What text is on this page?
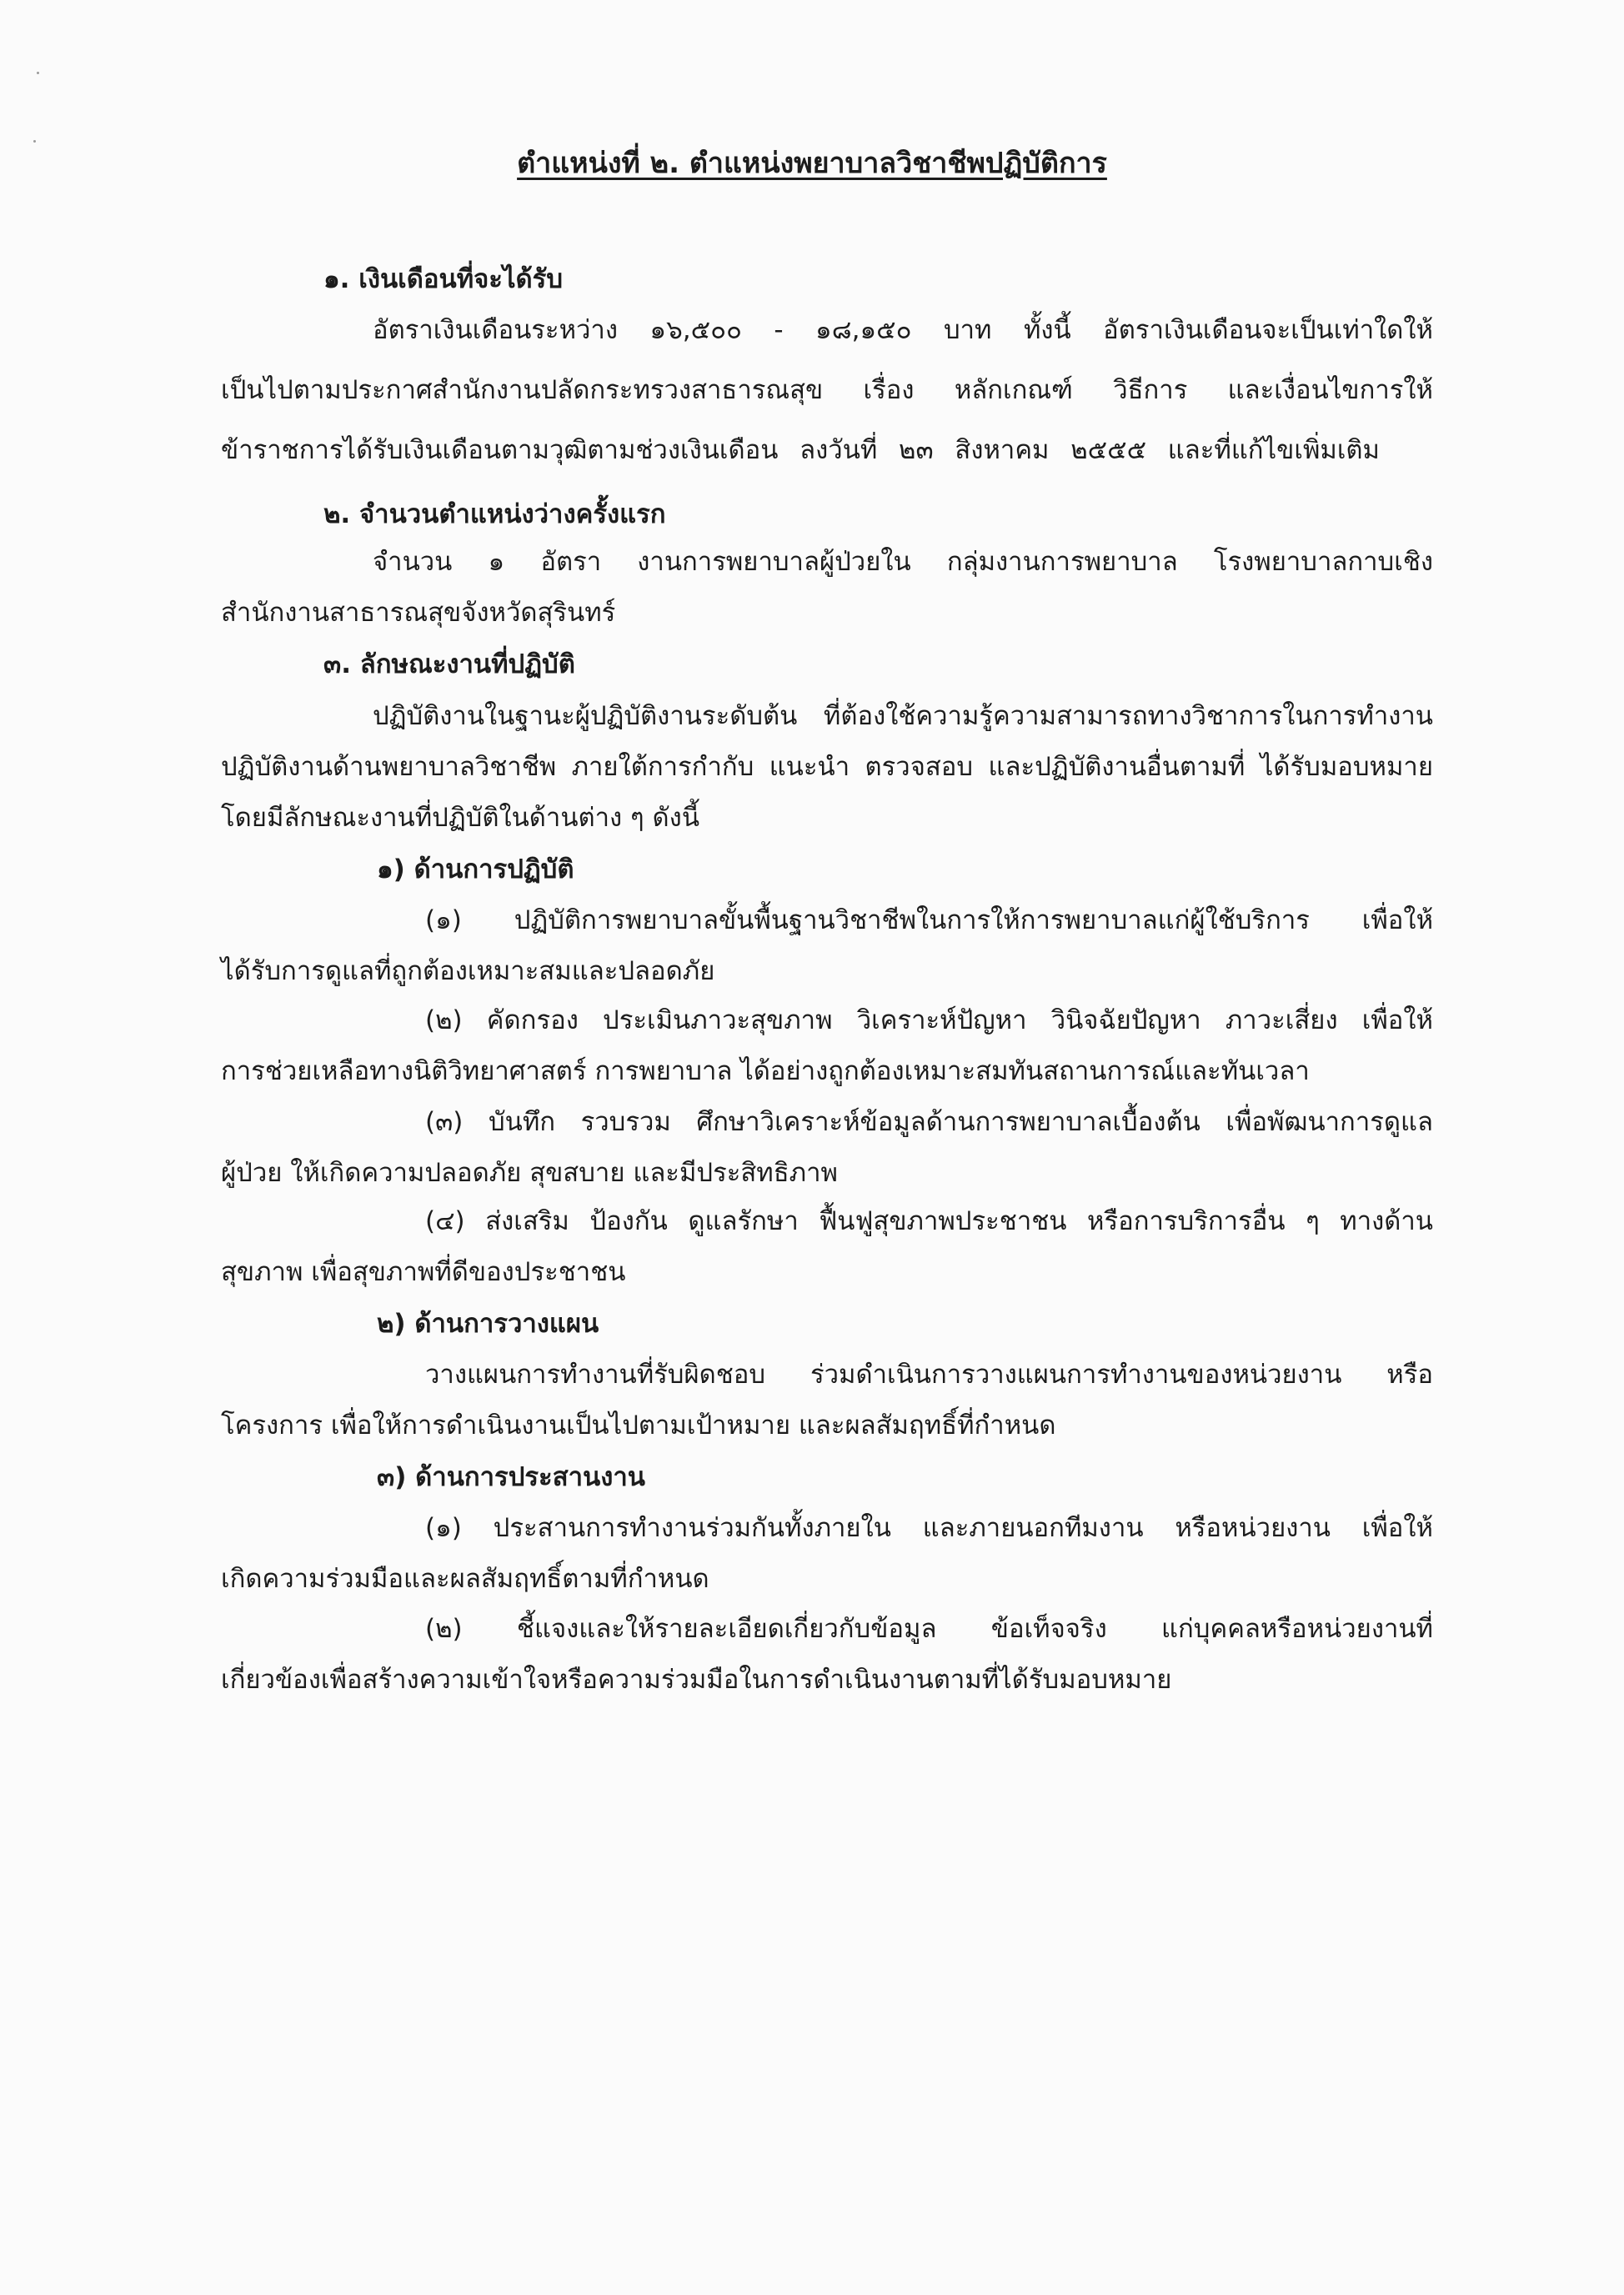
ตำแหน่งที่ ๒. ตำแหน่งพยาบาลวิชาชีพปฏิบัติการ
๑. เงินเดือนที่จะได้รับ
อัตราเงินเดือนระหว่าง ๑๖,๕๐๐ - ๑๘,๑๕๐ บาท ทั้งนี้ อัตราเงินเดือนจะเป็นเท่าใดให้
เป็นไปตามประกาศสำนักงานปลัดกระทรวงสาธารณสุข เรื่อง หลักเกณฑ์ วิธีการ และเงื่อนไขการให้
ข้าราชการได้รับเงินเดือนตามวุฒิตามช่วงเงินเดือน ลงวันที่ ๒๓ สิงหาคม ๒๕๕๕ และที่แก้ไขเพิ่มเติม
๒. จำนวนตำแหน่งว่างครั้งแรก
จำนวน ๑ อัตรา งานการพยาบาลผู้ป่วยใน กลุ่มงานการพยาบาล โรงพยาบาลกาบเชิง
สำนักงานสาธารณสุขจังหวัดสุรินทร์
๓. ลักษณะงานที่ปฏิบัติ
ปฏิบัติงานในฐานะผู้ปฏิบัติงานระดับต้น ที่ต้องใช้ความรู้ความสามารถทางวิชาการในการทำงาน
ปฏิบัติงานด้านพยาบาลวิชาชีพ ภายใต้การกำกับ แนะนำ ตรวจสอบ และปฏิบัติงานอื่นตามที่ ได้รับมอบหมาย
โดยมีลักษณะงานที่ปฏิบัติในด้านต่าง ๆ ดังนี้
๑) ด้านการปฏิบัติ
(๑) ปฏิบัติการพยาบาลขั้นพื้นฐานวิชาชีพในการให้การพยาบาลแก่ผู้ใช้บริการ เพื่อให้
ได้รับการดูแลที่ถูกต้องเหมาะสมและปลอดภัย
(๒) คัดกรอง ประเมินภาวะสุขภาพ วิเคราะห์ปัญหา วินิจฉัยปัญหา ภาวะเสี่ยง เพื่อให้
การช่วยเหลือทางนิติวิทยาศาสตร์ การพยาบาล ได้อย่างถูกต้องเหมาะสมทันสถานการณ์และทันเวลา
(๓) บันทึก รวบรวม ศึกษาวิเคราะห์ข้อมูลด้านการพยาบาลเบื้องต้น เพื่อพัฒนาการดูแล
ผู้ป่วย ให้เกิดความปลอดภัย สุขสบาย และมีประสิทธิภาพ
(๔) ส่งเสริม ป้องกัน ดูแลรักษา ฟื้นฟูสุขภาพประชาชน หรือการบริการอื่น ๆ ทางด้าน
สุขภาพ เพื่อสุขภาพที่ดีของประชาชน
๒) ด้านการวางแผน
วางแผนการทำงานที่รับผิดชอบ ร่วมดำเนินการวางแผนการทำงานของหน่วยงาน หรือ
โครงการ เพื่อให้การดำเนินงานเป็นไปตามเป้าหมาย และผลสัมฤทธิ์ที่กำหนด
๓) ด้านการประสานงาน
(๑) ประสานการทำงานร่วมกันทั้งภายใน และภายนอกทีมงาน หรือหน่วยงาน เพื่อให้
เกิดความร่วมมือและผลสัมฤทธิ์ตามที่กำหนด
(๒) ชี้แจงและให้รายละเอียดเกี่ยวกับข้อมูล ข้อเท็จจริง แก่บุคคลหรือหน่วยงานที่
เกี่ยวข้องเพื่อสร้างความเข้าใจหรือความร่วมมือในการดำเนินงานตามที่ได้รับมอบหมาย
